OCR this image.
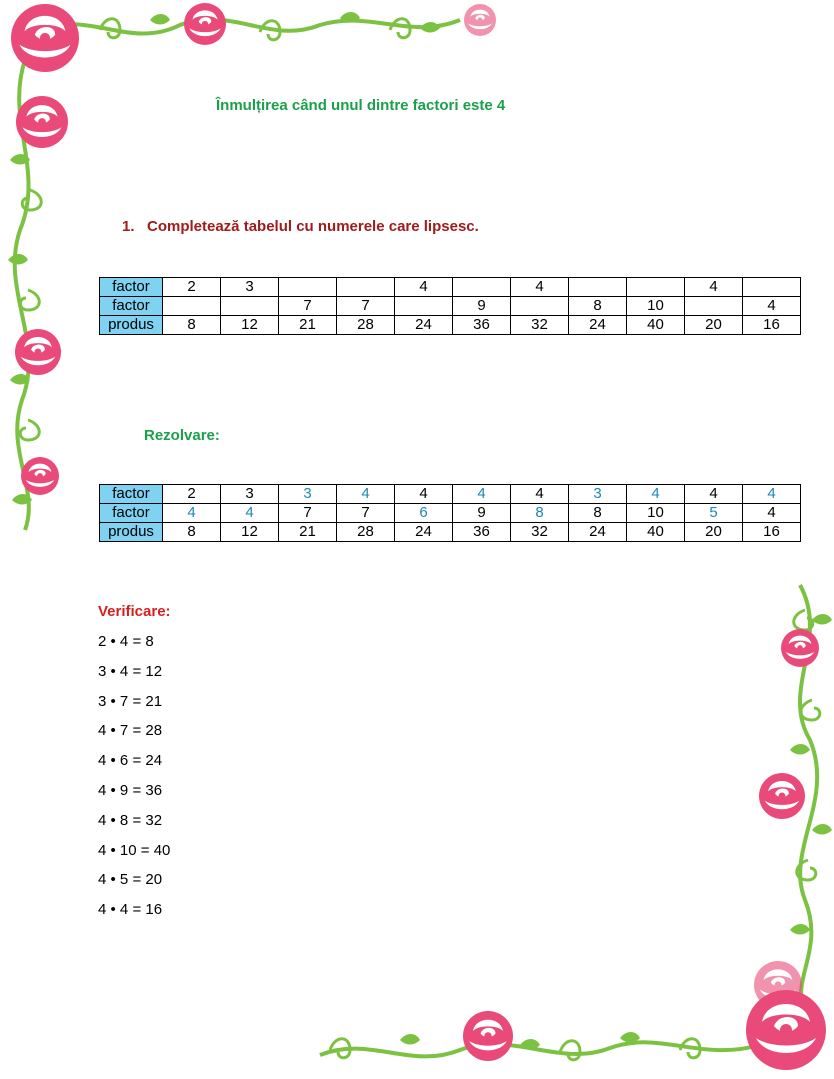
Înmulțirea când unul dintre factori este 4
1. Completează tabelul cu numerele care lipsesc.
factor	2	3			4		4			4	
factor			7	7		9		8	10		4
produs	8	12	21	28	24	36	32	24	40	20	16
Rezolvare:
factor	2	3	3	4	4	4	4	3	4	4	4
factor	4	4	7	7	6	9	8	8	10	5	4
produs	8	12	21	28	24	36	32	24	40	20	16
Verificare:
2 • 4 = 8
3 • 4 = 12
3 • 7 = 21
4 • 7 = 28
4 • 6 = 24
4 • 9 = 36
4 • 8 = 32
4 • 10 = 40
4 • 5 = 20
4 • 4 = 16
